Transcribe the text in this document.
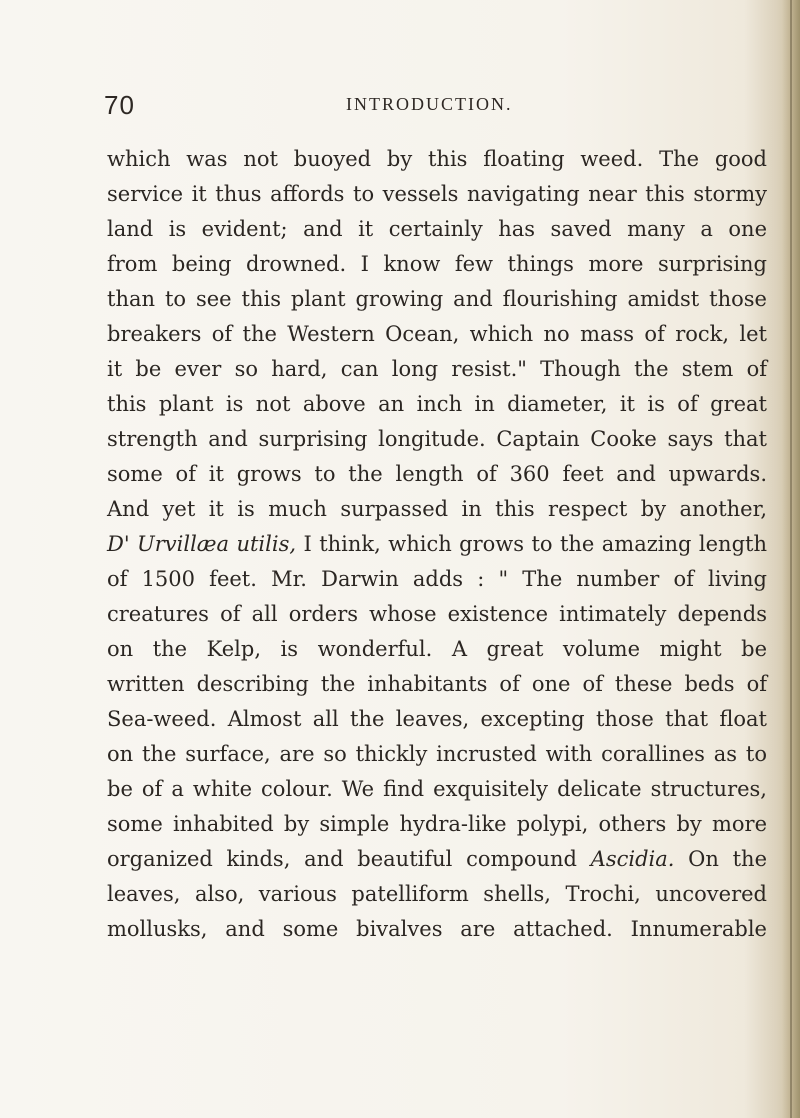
70	INTRODUCTION.
which was not buoyed by this floating weed. The good
service it thus affords to vessels navigating near this stormy
land is evident; and it certainly has saved many a one
from being drowned. I know few things more surprising
than to see this plant growing and flourishing amidst those
breakers of the Western Ocean, which no mass of rock, let
it be ever so hard, can long resist." Though the stem of
this plant is not above an inch in diameter, it is of great
strength and surprising longitude. Captain Cooke says that
some of it grows to the length of 360 feet and upwards.
And yet it is much surpassed in this respect by another,
D' Urvillæa utilis, I think, which grows to the amazing length
of 1500 feet. Mr. Darwin adds : " The number of living
creatures of all orders whose existence intimately depends
on the Kelp, is wonderful. A great volume might be
written describing the inhabitants of one of these beds of
Sea-weed. Almost all the leaves, excepting those that float
on the surface, are so thickly incrusted with corallines as to
be of a white colour. We find exquisitely delicate structures,
some inhabited by simple hydra-like polypi, others by more
organized kinds, and beautiful compound Ascidia. On the
leaves, also, various patelliform shells, Trochi, uncovered
mollusks, and some bivalves are attached. Innumerable
